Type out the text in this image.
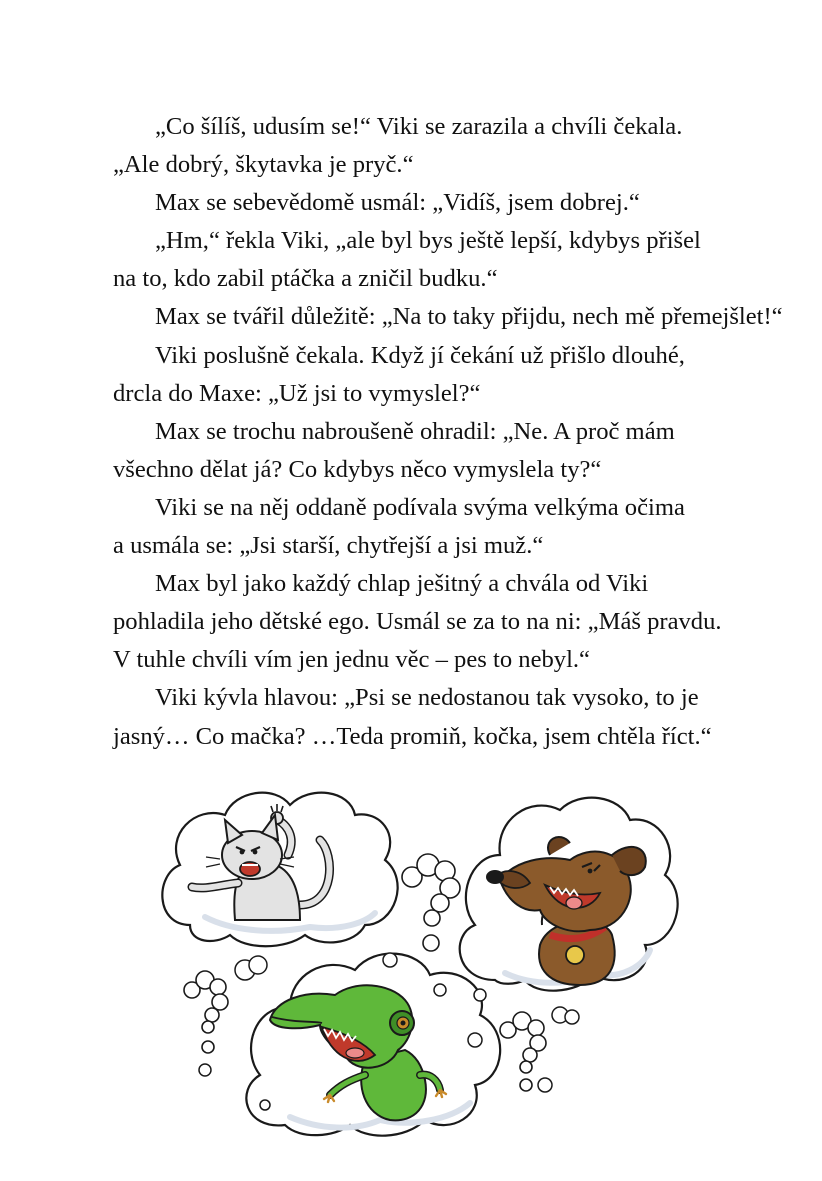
„Co šílíš, udusím se!“ Viki se zarazila a chvíli čekala.

„Ale dobrý, škytavka je pryč.“

Max se sebevědomě usmál: „Vidíš, jsem dobrej.“

„Hm,“ řekla Viki, „ale byl bys ještě lepší, kdybys přišel

na to, kdo zabil ptáčka a zničil budku.“

Max se tvářil důležitě: „Na to taky přijdu, nech mě přemejšlet!“

Viki poslušně čekala. Když jí čekání už přišlo dlouhé,

drcla do Maxe: „Už jsi to vymyslel?“

Max se trochu nabroušeně ohradil: „Ne. A proč mám

všechno dělat já? Co kdybys něco vymyslela ty?“

Viki se na něj oddaně podívala svýma velkýma očima

a usmála se: „Jsi starší, chytřejší a jsi muž.“

Max byl jako každý chlap ješitný a chvála od Viki

pohladila jeho dětské ego. Usmál se za to na ni: „Máš pravdu.

V tuhle chvíli vím jen jednu věc – pes to nebyl.“

Viki kývla hlavou: „Psi se nedostanou tak vysoko, to je

jasný… Co mačka? …Teda promiň, kočka, jsem chtěla říct.“
